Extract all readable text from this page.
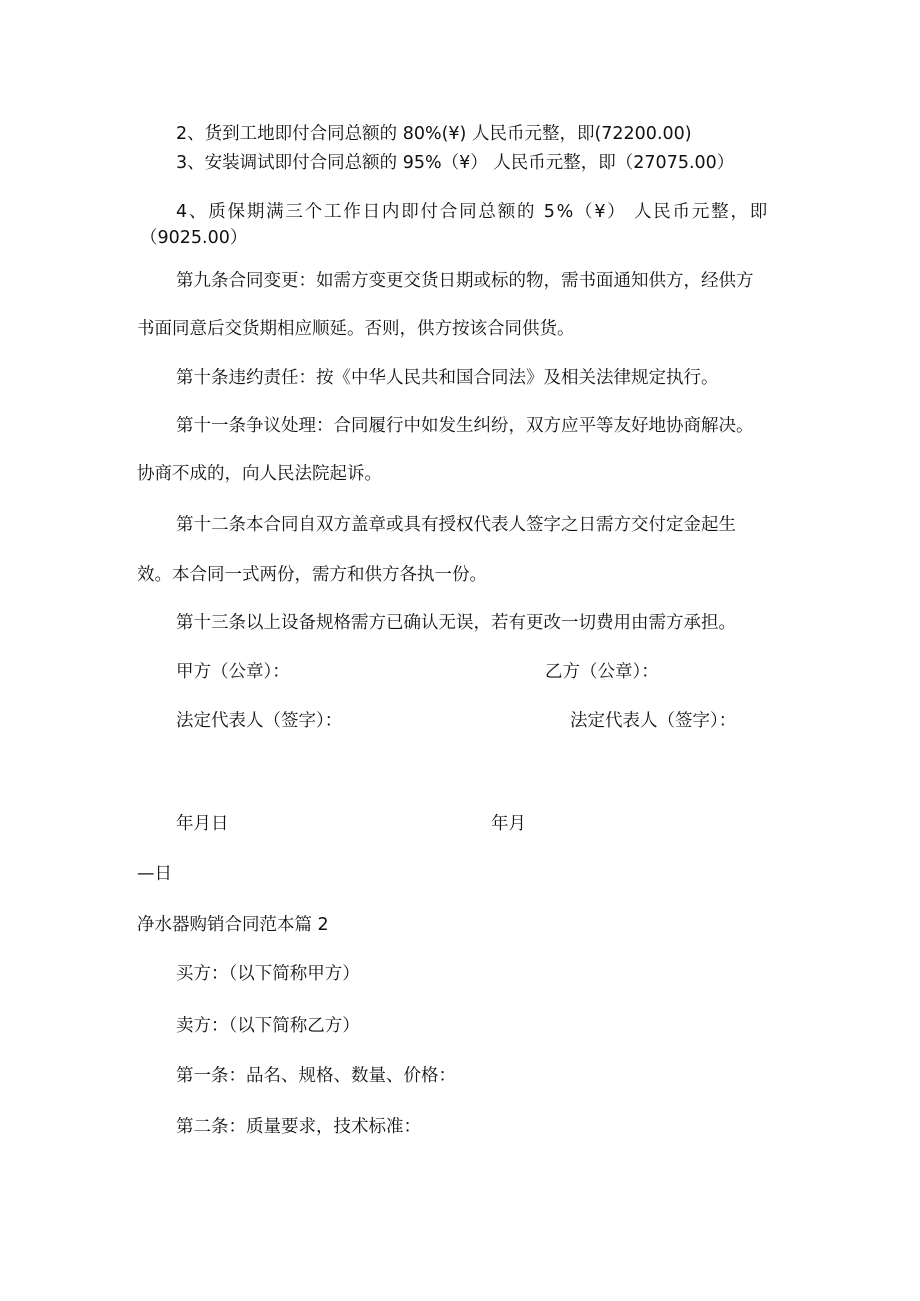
2、货到工地即付合同总额的 80%(¥) 人民币元整，即(72200.00)
3、安装调试即付合同总额的 95%（¥） 人民币元整，即（27075.00）
4、质保期满三个工作日内即付合同总额的 5%（¥） 人民币元整，即
（9025.00）
第九条合同变更：如需方变更交货日期或标的物，需书面通知供方，经供方
书面同意后交货期相应顺延。否则，供方按该合同供货。
第十条违约责任：按《中华人民共和国合同法》及相关法律规定执行。
第十一条争议处理：合同履行中如发生纠纷，双方应平等友好地协商解决。
协商不成的，向人民法院起诉。
第十二条本合同自双方盖章或具有授权代表人签字之日需方交付定金起生
效。本合同一式两份，需方和供方各执一份。
第十三条以上设备规格需方已确认无误，若有更改一切费用由需方承担。
甲方（公章）：	乙方（公章）：
法定代表人（签字）：	法定代表人（签字）：
年月日	年月
—日
净水器购销合同范本篇 2
买方：（以下简称甲方）
卖方：（以下简称乙方）
第一条：品名、规格、数量、价格：
第二条：质量要求，技术标准：
